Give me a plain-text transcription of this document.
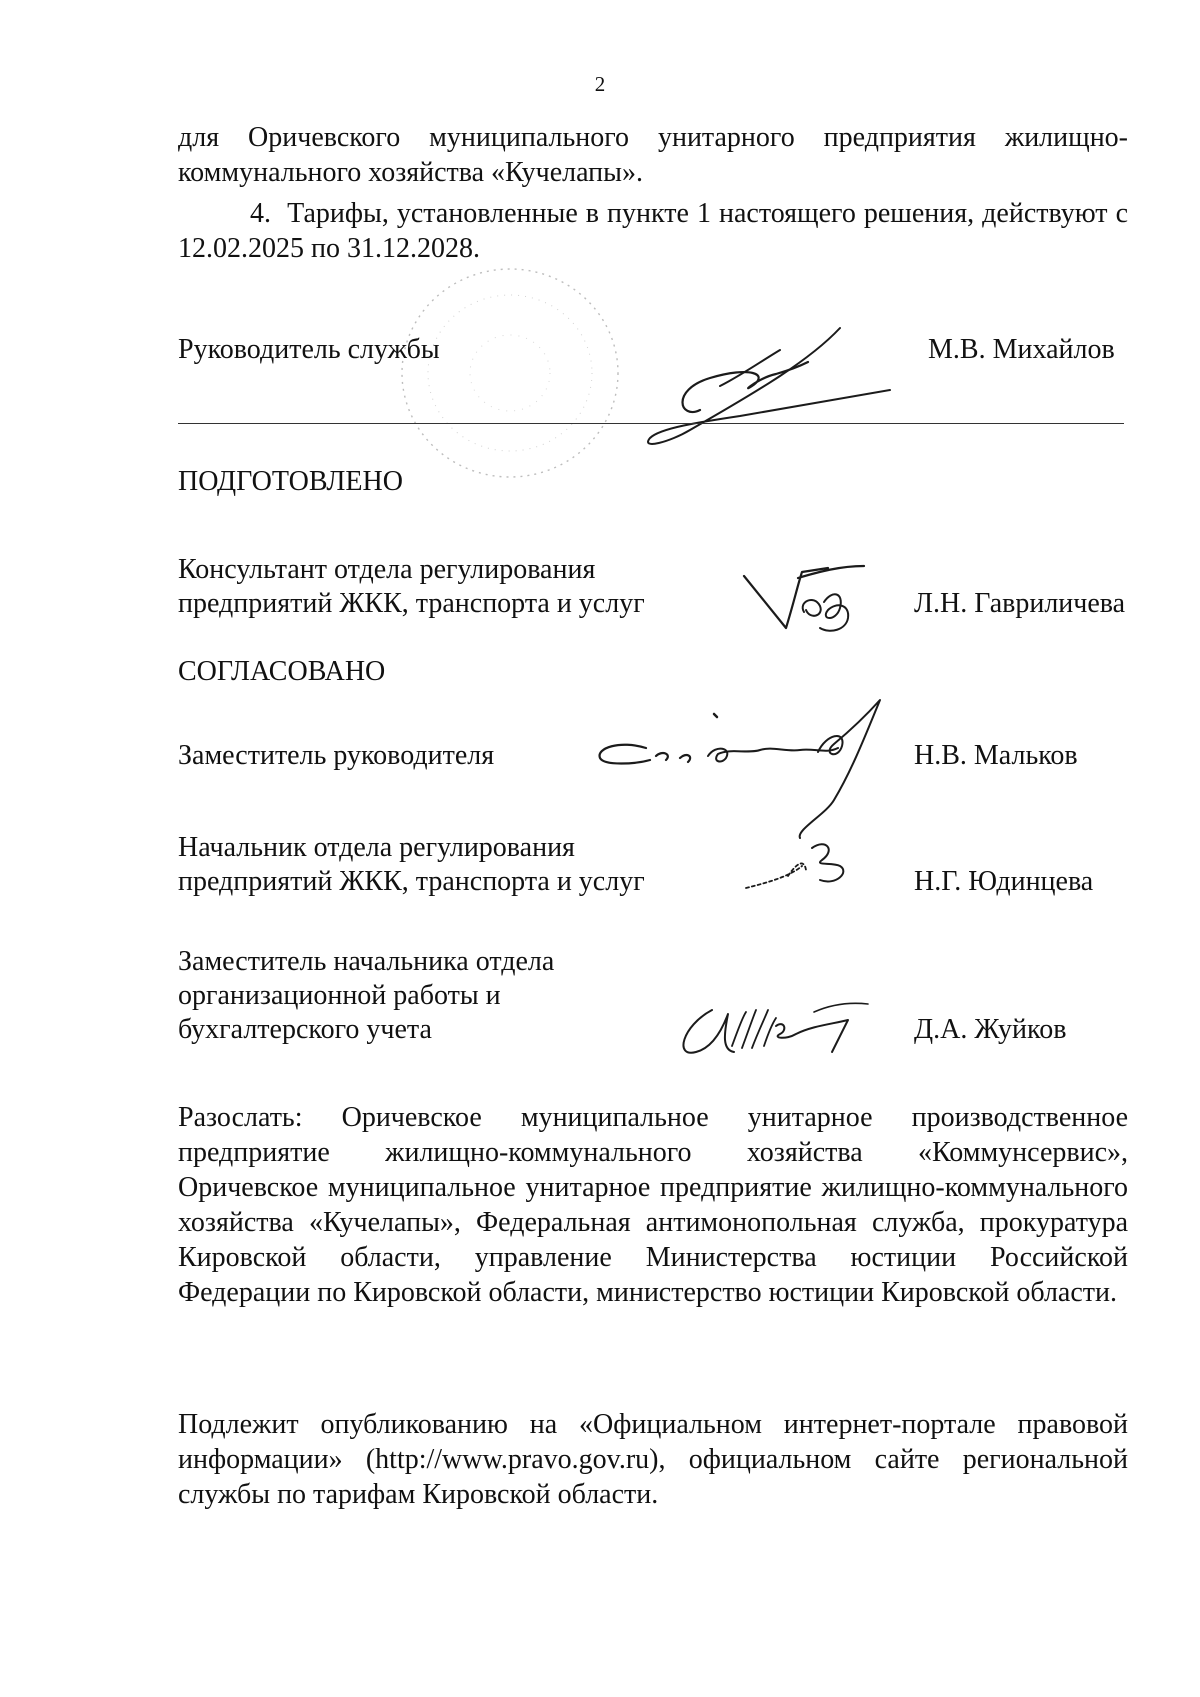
2
для Оричевского муниципального унитарного предприятия жилищно-коммунального хозяйства «Кучелапы».
4.  Тарифы, установленные в пункте 1 настоящего решения, действуют с 12.02.2025 по 31.12.2028.
Руководитель службы	М.В. Михайлов
ПОДГОТОВЛЕНО
Консультант отдела регулирования
предприятий ЖКК, транспорта и услуг	Л.Н. Гавриличева
СОГЛАСОВАНО
Заместитель руководителя	Н.В. Мальков
Начальник отдела регулирования
предприятий ЖКК, транспорта и услуг	Н.Г. Юдинцева
Заместитель начальника отдела
организационной работы и
бухгалтерского учета	Д.А. Жуйков
Разослать: Оричевское муниципальное унитарное производственное предприятие жилищно-коммунального хозяйства «Коммунсервис», Оричевское муниципальное унитарное предприятие жилищно-коммунального хозяйства «Кучелапы», Федеральная антимонопольная служба, прокуратура Кировской области, управление Министерства юстиции Российской Федерации по Кировской области, министерство юстиции Кировской области.
Подлежит опубликованию на «Официальном интернет-портале правовой информации» (http://www.pravo.gov.ru), официальном сайте региональной службы по тарифам Кировской области.
